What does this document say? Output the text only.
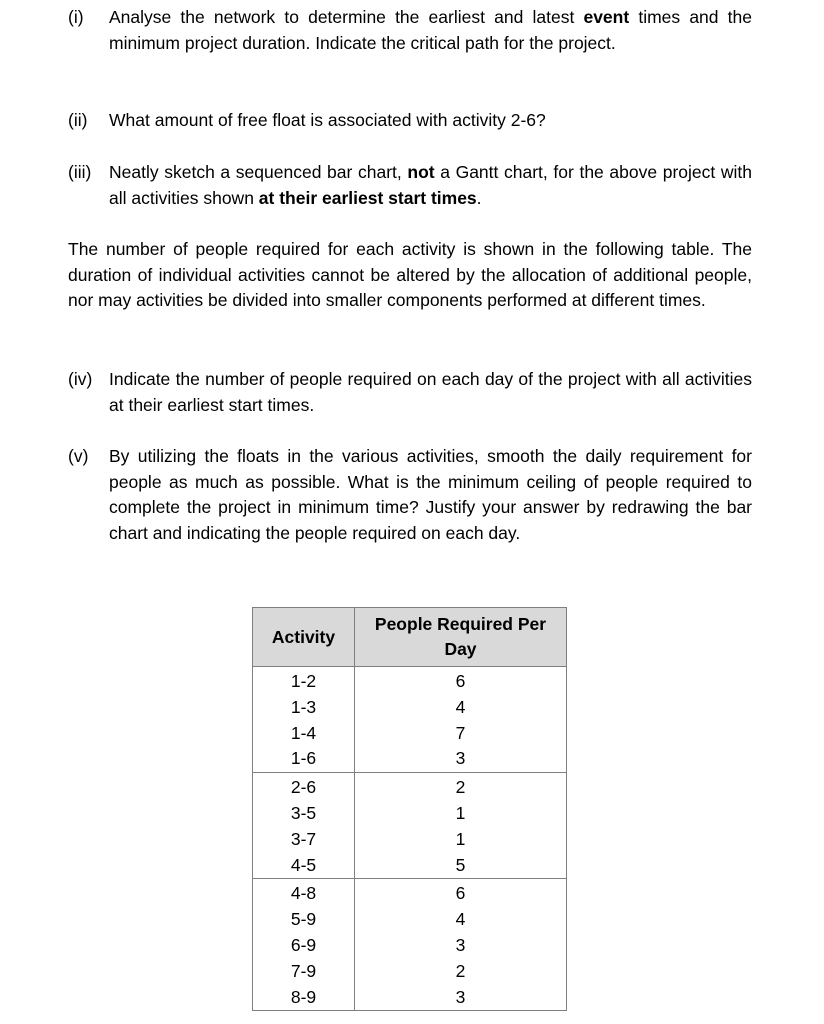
(i) Analyse the network to determine the earliest and latest event times and the minimum project duration. Indicate the critical path for the project.
(ii) What amount of free float is associated with activity 2-6?
(iii) Neatly sketch a sequenced bar chart, not a Gantt chart, for the above project with all activities shown at their earliest start times.
The number of people required for each activity is shown in the following table. The duration of individual activities cannot be altered by the allocation of additional people, nor may activities be divided into smaller components performed at different times.
(iv) Indicate the number of people required on each day of the project with all activities at their earliest start times.
(v) By utilizing the floats in the various activities, smooth the daily requirement for people as much as possible. What is the minimum ceiling of people required to complete the project in minimum time? Justify your answer by redrawing the bar chart and indicating the people required on each day.
Activity	People Required Per Day
1-2	6
1-3	4
1-4	7
1-6	3
2-6	2
3-5	1
3-7	1
4-5	5
4-8	6
5-9	4
6-9	3
7-9	2
8-9	3
